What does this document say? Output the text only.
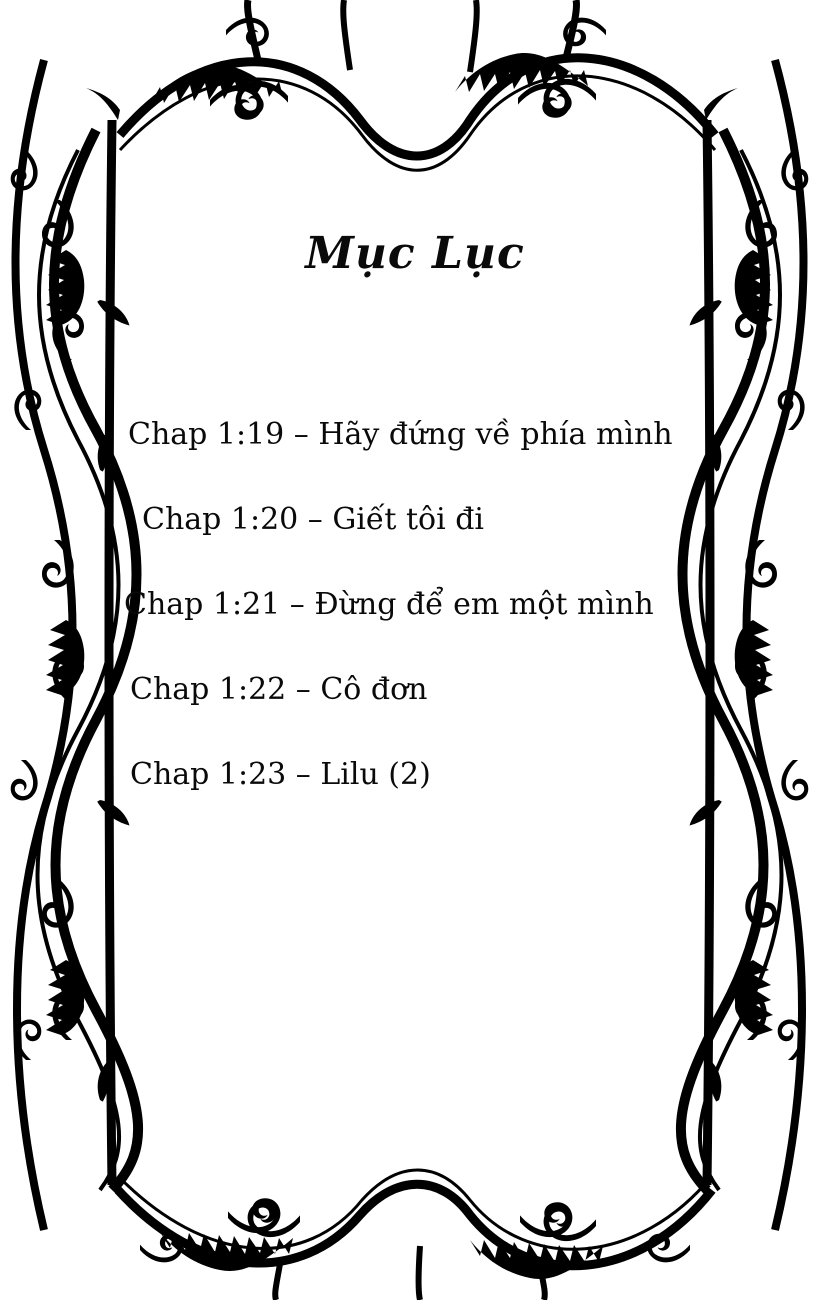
Mục Lục
Chap 1:19 – Hãy đứng về phía mình
Chap 1:20 – Giết tôi đi
Chap 1:21 – Đừng để em một mình
Chap 1:22 – Cô đơn
Chap 1:23 – Lilu (2)
